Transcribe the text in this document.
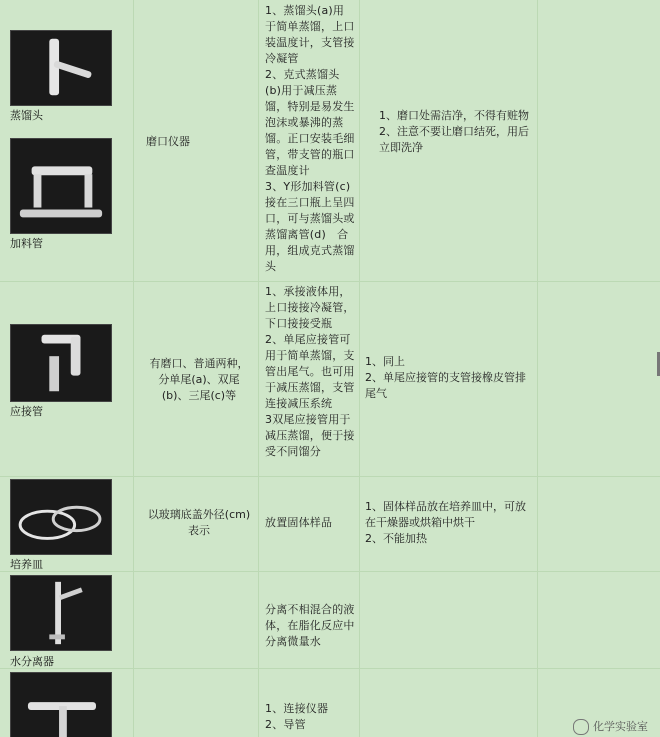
蒸馏头
加料管
磨口仪器
1、蒸馏头(a)用于简单蒸馏，上口装温度计，支管接冷凝管
2、克式蒸馏头(b)用于减压蒸馏，特别是易发生泡沫或暴沸的蒸馏。正口安装毛细管，带支管的瓶口查温度计
3、Y形加料管(c)接在三口瓶上呈四口，可与蒸馏头或蒸馏离管(d)　合用，组成克式蒸馏头
1、磨口处需洁净，不得有赃物
2、注意不要让磨口结死，用后立即洗净
应接管
有磨口、普通两种，分单尾(a)、双尾(b)、三尾(c)等
1、承接液体用，上口接接冷凝管，下口接接受瓶
2、单尾应接管可用于简单蒸馏，支管出尾气。也可用于减压蒸馏，支管连接减压系统
3双尾应接管用于减压蒸馏，便于接受不同馏分
1、同上
2、单尾应接管的支管接橡皮管排尾气
培养皿
以玻璃底盖外径(cm)表示
放置固体样品
1、固体样品放在培养皿中，可放在干燥器或烘箱中烘干
2、不能加热
水分离器
分离不相混合的液体，在脂化反应中分离微量水
1、连接仪器
2、导管	化学实验室
